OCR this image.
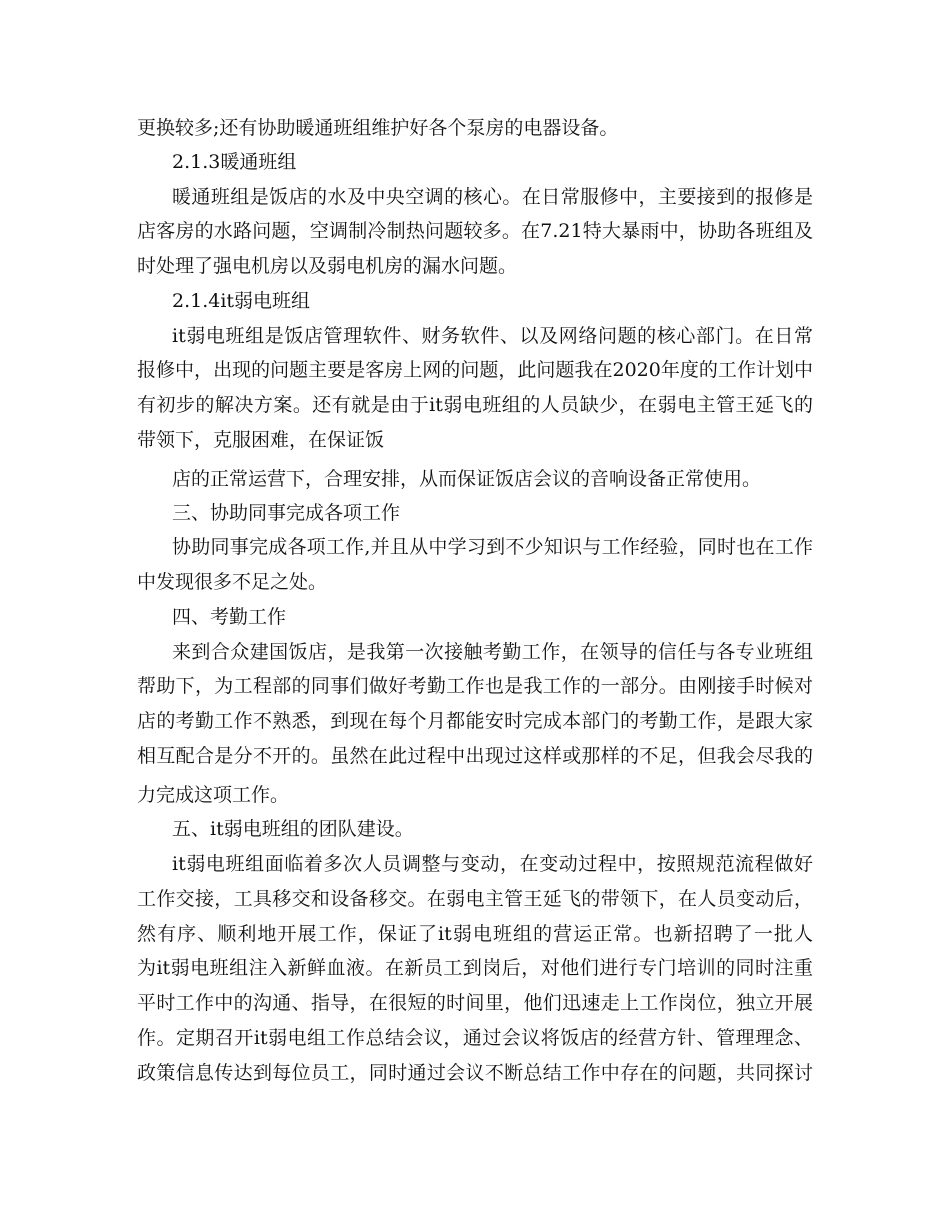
更换较多;还有协助暖通班组维护好各个泵房的电器设备。
2.1.3暖通班组
暖通班组是饭店的水及中央空调的核心。在日常服修中，主要接到的报修是
店客房的水路问题，空调制冷制热问题较多。在7.21特大暴雨中，协助各班组及
时处理了强电机房以及弱电机房的漏水问题。
2.1.4it弱电班组
it弱电班组是饭店管理软件、财务软件、以及网络问题的核心部门。在日常
报修中，出现的问题主要是客房上网的问题，此问题我在2020年度的工作计划中
有初步的解决方案。还有就是由于it弱电班组的人员缺少，在弱电主管王延飞的
带领下，克服困难，在保证饭
店的正常运营下，合理安排，从而保证饭店会议的音响设备正常使用。
三、协助同事完成各项工作
协助同事完成各项工作,并且从中学习到不少知识与工作经验，同时也在工作
中发现很多不足之处。
四、考勤工作
来到合众建国饭店，是我第一次接触考勤工作，在领导的信任与各专业班组
帮助下，为工程部的同事们做好考勤工作也是我工作的一部分。由刚接手时候对
店的考勤工作不熟悉，到现在每个月都能安时完成本部门的考勤工作，是跟大家
相互配合是分不开的。虽然在此过程中出现过这样或那样的不足，但我会尽我的
力完成这项工作。
五、it弱电班组的团队建设。
it弱电班组面临着多次人员调整与变动，在变动过程中，按照规范流程做好
工作交接，工具移交和设备移交。在弱电主管王延飞的带领下，在人员变动后，
然有序、顺利地开展工作，保证了it弱电班组的营运正常。也新招聘了一批人
为it弱电班组注入新鲜血液。在新员工到岗后，对他们进行专门培训的同时注重
平时工作中的沟通、指导，在很短的时间里，他们迅速走上工作岗位，独立开展
作。定期召开it弱电组工作总结会议，通过会议将饭店的经营方针、管理理念、
政策信息传达到每位员工，同时通过会议不断总结工作中存在的问题，共同探讨
